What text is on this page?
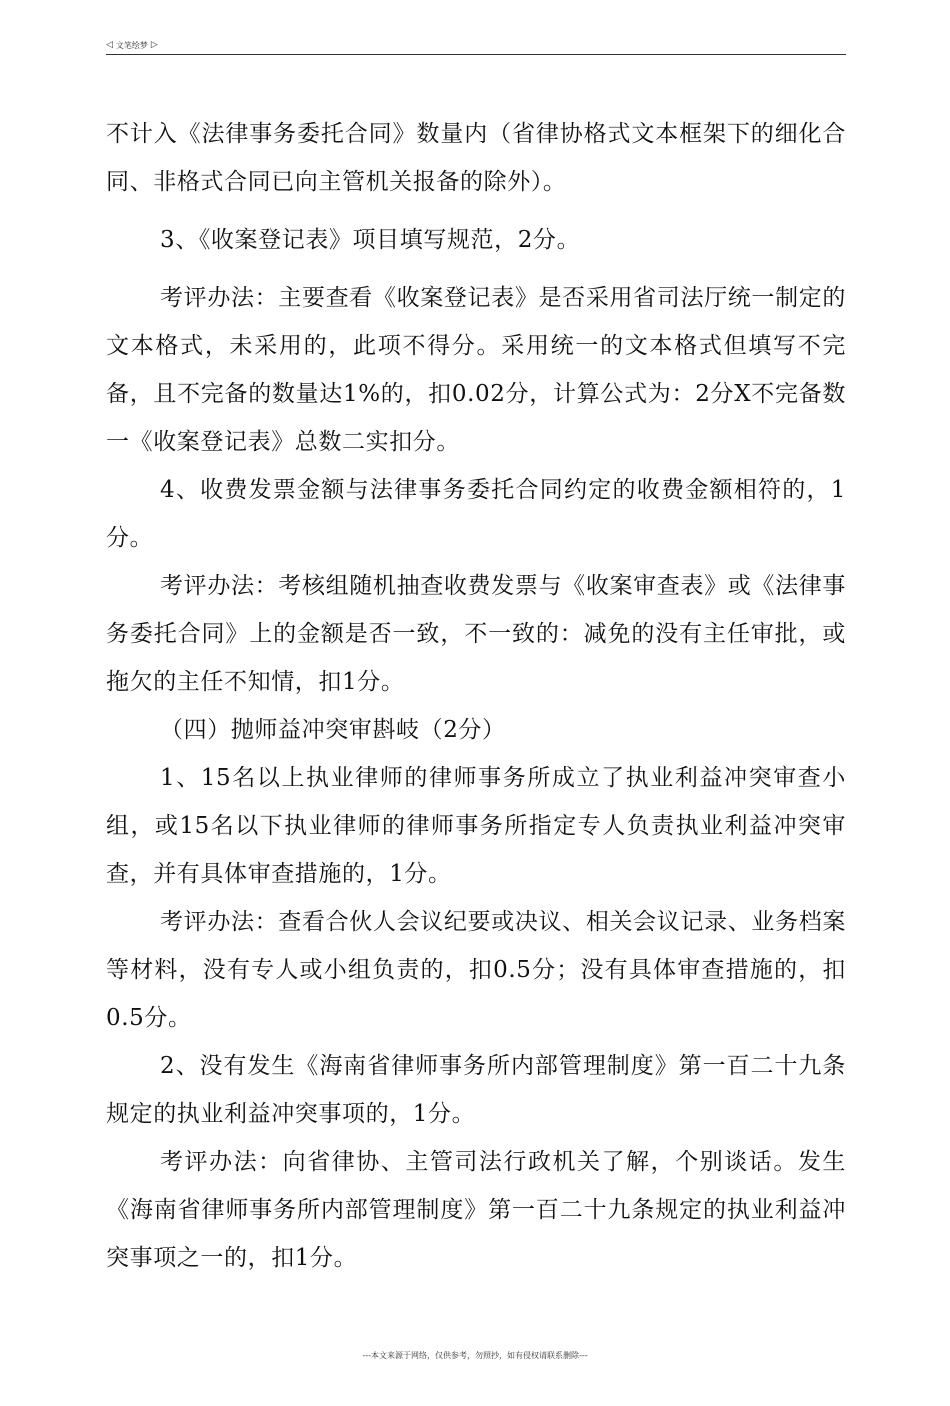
◁ 文笔绘梦 ▷

不计入《法律事务委托合同》数量内（省律协格式文本框架下的细化合同、非格式合同已向主管机关报备的除外）。

3、《收案登记表》项目填写规范，2分。

考评办法：主要查看《收案登记表》是否采用省司法厅统一制定的文本格式，未采用的，此项不得分。采用统一的文本格式但填写不完备，且不完备的数量达1%的，扣0.02分，计算公式为：2分X不完备数一《收案登记表》总数二实扣分。

4、收费发票金额与法律事务委托合同约定的收费金额相符的，1分。

考评办法：考核组随机抽查收费发票与《收案审查表》或《法律事务委托合同》上的金额是否一致，不一致的：减免的没有主任审批，或拖欠的主任不知情，扣1分。

（四）抛师益冲突审斟岐（2分）

1、15名以上执业律师的律师事务所成立了执业利益冲突审查小组，或15名以下执业律师的律师事务所指定专人负责执业利益冲突审查，并有具体审查措施的，1分。

考评办法：查看合伙人会议纪要或决议、相关会议记录、业务档案等材料，没有专人或小组负责的，扣0.5分；没有具体审查措施的，扣0.5分。

2、没有发生《海南省律师事务所内部管理制度》第一百二十九条规定的执业利益冲突事项的，1分。

考评办法：向省律协、主管司法行政机关了解，个别谈话。发生《海南省律师事务所内部管理制度》第一百二十九条规定的执业利益冲突事项之一的，扣1分。

---本文来源于网络，仅供参考，勿照抄，如有侵权请联系删除---
